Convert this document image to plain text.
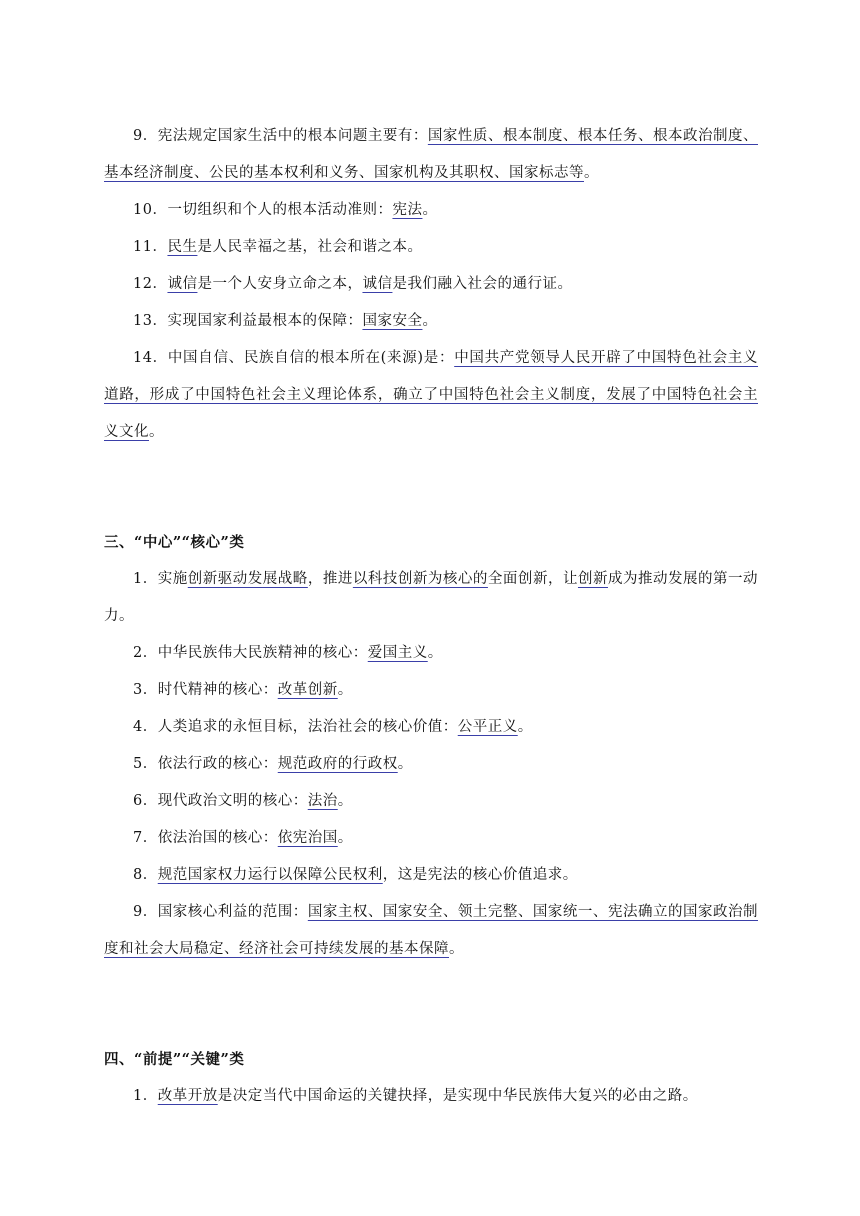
9．宪法规定国家生活中的根本问题主要有：国家性质、根本制度、根本任务、根本政治制度、基本经济制度、公民的基本权利和义务、国家机构及其职权、国家标志等。

10．一切组织和个人的根本活动准则：宪法。

11．民生是人民幸福之基，社会和谐之本。

12．诚信是一个人安身立命之本，诚信是我们融入社会的通行证。

13．实现国家利益最根本的保障：国家安全。

14．中国自信、民族自信的根本所在(来源)是：中国共产党领导人民开辟了中国特色社会主义道路，形成了中国特色社会主义理论体系，确立了中国特色社会主义制度，发展了中国特色社会主义文化。

三、“中心”“核心”类

1．实施创新驱动发展战略，推进以科技创新为核心的全面创新，让创新成为推动发展的第一动力。

2．中华民族伟大民族精神的核心：爱国主义。

3．时代精神的核心：改革创新。

4．人类追求的永恒目标，法治社会的核心价值：公平正义。

5．依法行政的核心：规范政府的行政权。

6．现代政治文明的核心：法治。

7．依法治国的核心：依宪治国。

8．规范国家权力运行以保障公民权利，这是宪法的核心价值追求。

9．国家核心利益的范围：国家主权、国家安全、领土完整、国家统一、宪法确立的国家政治制度和社会大局稳定、经济社会可持续发展的基本保障。

四、“前提”“关键”类

1．改革开放是决定当代中国命运的关键抉择，是实现中华民族伟大复兴的必由之路。
